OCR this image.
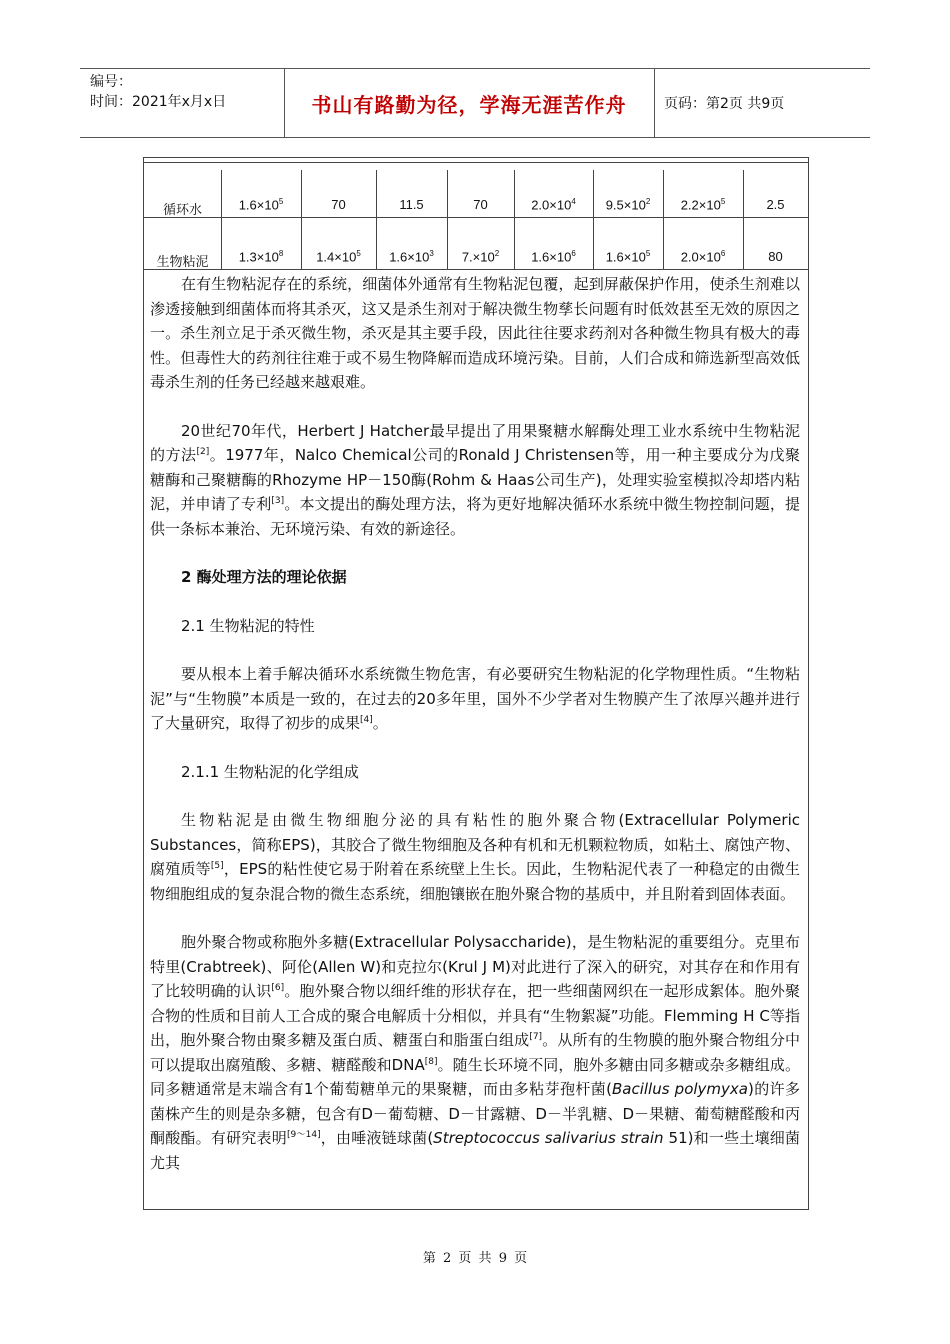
编号：
时间：2021年x月x日	书山有路勤为径，学海无涯苦作舟	页码：第2页 共9页
循环水	$1.6\times 10^5$	70	11.5	70	$2.0\times 10^4$	$9.5\times 10^2$	$2.2\times 10^5$	2.5
生物粘泥	$1.3\times 10^8$	$1.4\times 10^5$	$1.6\times 10^3$	$7.\times 10^2$	$1.6\times 10^6$	$1.6\times 10^5$	$2.0\times 10^6$	80

在有生物粘泥存在的系统，细菌体外通常有生物粘泥包覆，起到屏蔽保护作用，使杀生剂难以渗透接触到细菌体而将其杀灭，这又是杀生剂对于解决微生物孳长问题有时低效甚至无效的原因之一。杀生剂立足于杀灭微生物，杀灭是其主要手段，因此往往要求药剂对各种微生物具有极大的毒性。但毒性大的药剂往往难于或不易生物降解而造成环境污染。目前，人们合成和筛选新型高效低毒杀生剂的任务已经越来越艰难。

20世纪70年代，Herbert J Hatcher最早提出了用果聚糖水解酶处理工业水系统中生物粘泥的方法[2]。1977年，Nalco Chemical公司的Ronald J Christensen等，用一种主要成分为戊聚糖酶和己聚糖酶的Rhozyme HP－150酶(Rohm & Haas公司生产)，处理实验室模拟冷却塔内粘泥，并申请了专利[3]。本文提出的酶处理方法，将为更好地解决循环水系统中微生物控制问题，提供一条标本兼治、无环境污染、有效的新途径。

2 酶处理方法的理论依据

2.1 生物粘泥的特性

要从根本上着手解决循环水系统微生物危害，有必要研究生物粘泥的化学物理性质。“生物粘泥”与“生物膜”本质是一致的，在过去的20多年里，国外不少学者对生物膜产生了浓厚兴趣并进行了大量研究，取得了初步的成果[4]。

2.1.1 生物粘泥的化学组成

生物粘泥是由微生物细胞分泌的具有粘性的胞外聚合物(Extracellular Polymeric Substances，简称EPS)，其胶合了微生物细胞及各种有机和无机颗粒物质，如粘土、腐蚀产物、腐殖质等[5]，EPS的粘性使它易于附着在系统壁上生长。因此，生物粘泥代表了一种稳定的由微生物细胞组成的复杂混合物的微生态系统，细胞镶嵌在胞外聚合物的基质中，并且附着到固体表面。

胞外聚合物或称胞外多糖(Extracellular Polysaccharide)，是生物粘泥的重要组分。克里布特里(Crabtreek)、阿伦(Allen W)和克拉尔(Krul J M)对此进行了深入的研究，对其存在和作用有了比较明确的认识[6]。胞外聚合物以细纤维的形状存在，把一些细菌网织在一起形成絮体。胞外聚合物的性质和目前人工合成的聚合电解质十分相似，并具有“生物絮凝”功能。Flemming H C等指出，胞外聚合物由聚多糖及蛋白质、糖蛋白和脂蛋白组成[7]。从所有的生物膜的胞外聚合物组分中可以提取出腐殖酸、多糖、糖醛酸和DNA[8]。随生长环境不同，胞外多糖由同多糖或杂多糖组成。同多糖通常是末端含有1个葡萄糖单元的果聚糖，而由多粘芽孢杆菌(Bacillus polymyxa)的许多菌株产生的则是杂多糖，包含有D－葡萄糖、D－甘露糖、D－半乳糖、D－果糖、葡萄糖醛酸和丙酮酸酯。有研究表明[9～14]，由唾液链球菌(Streptococcus salivarius strain 51)和一些土壤细菌尤其

第 2 页 共 9 页
